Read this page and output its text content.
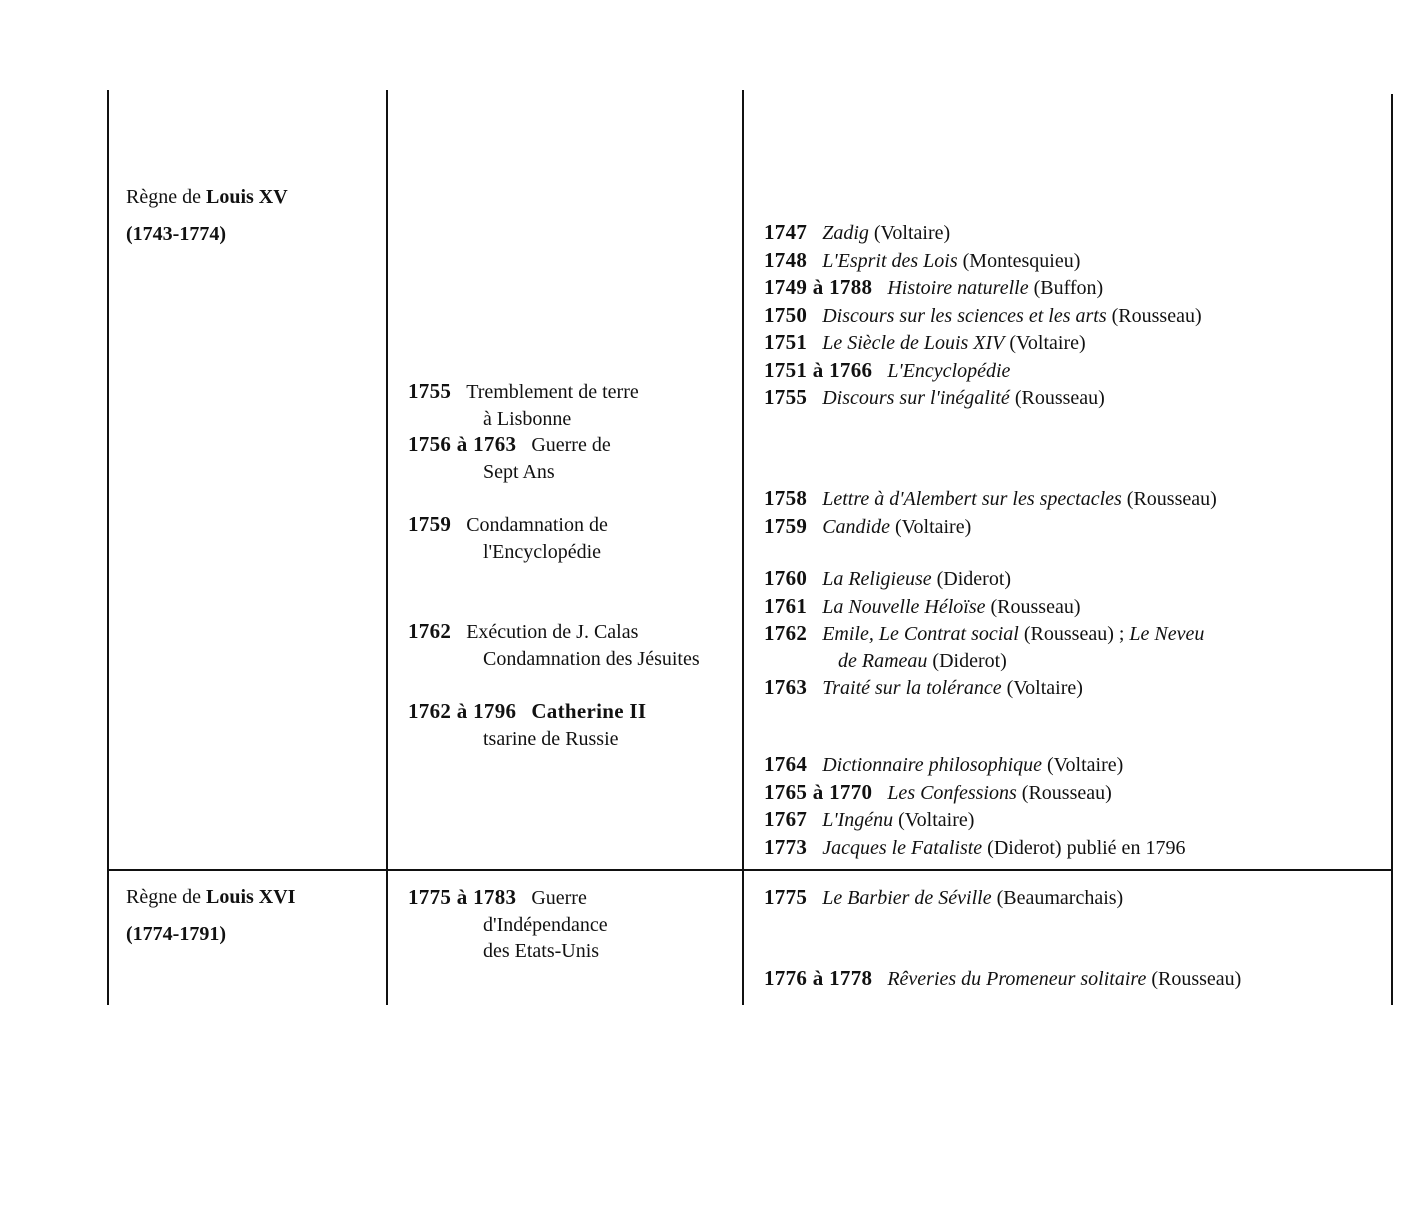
Règne de Louis XV
(1743-1774)
Règne de Louis XVI
(1774-1791)
1755 Tremblement de terre
à Lisbonne
1756 à 1763 Guerre de
Sept Ans
1759 Condamnation de
l'Encyclopédie
1762 Exécution de J. Calas
Condamnation des Jésuites
1762 à 1796 Catherine II
tsarine de Russie
1775 à 1783 Guerre
d'Indépendance
des Etats-Unis
1747 Zadig (Voltaire)
1748 L'Esprit des Lois (Montesquieu)
1749 à 1788 Histoire naturelle (Buffon)
1750 Discours sur les sciences et les arts (Rousseau)
1751 Le Siècle de Louis XIV (Voltaire)
1751 à 1766 L'Encyclopédie
1755 Discours sur l'inégalité (Rousseau)
1758 Lettre à d'Alembert sur les spectacles (Rousseau)
1759 Candide (Voltaire)
1760 La Religieuse (Diderot)
1761 La Nouvelle Héloïse (Rousseau)
1762 Emile, Le Contrat social (Rousseau) ; Le Neveu
de Rameau (Diderot)
1763 Traité sur la tolérance (Voltaire)
1764 Dictionnaire philosophique (Voltaire)
1765 à 1770 Les Confessions (Rousseau)
1767 L'Ingénu (Voltaire)
1773 Jacques le Fataliste (Diderot) publié en 1796
1775 Le Barbier de Séville (Beaumarchais)
1776 à 1778 Rêveries du Promeneur solitaire (Rousseau)
